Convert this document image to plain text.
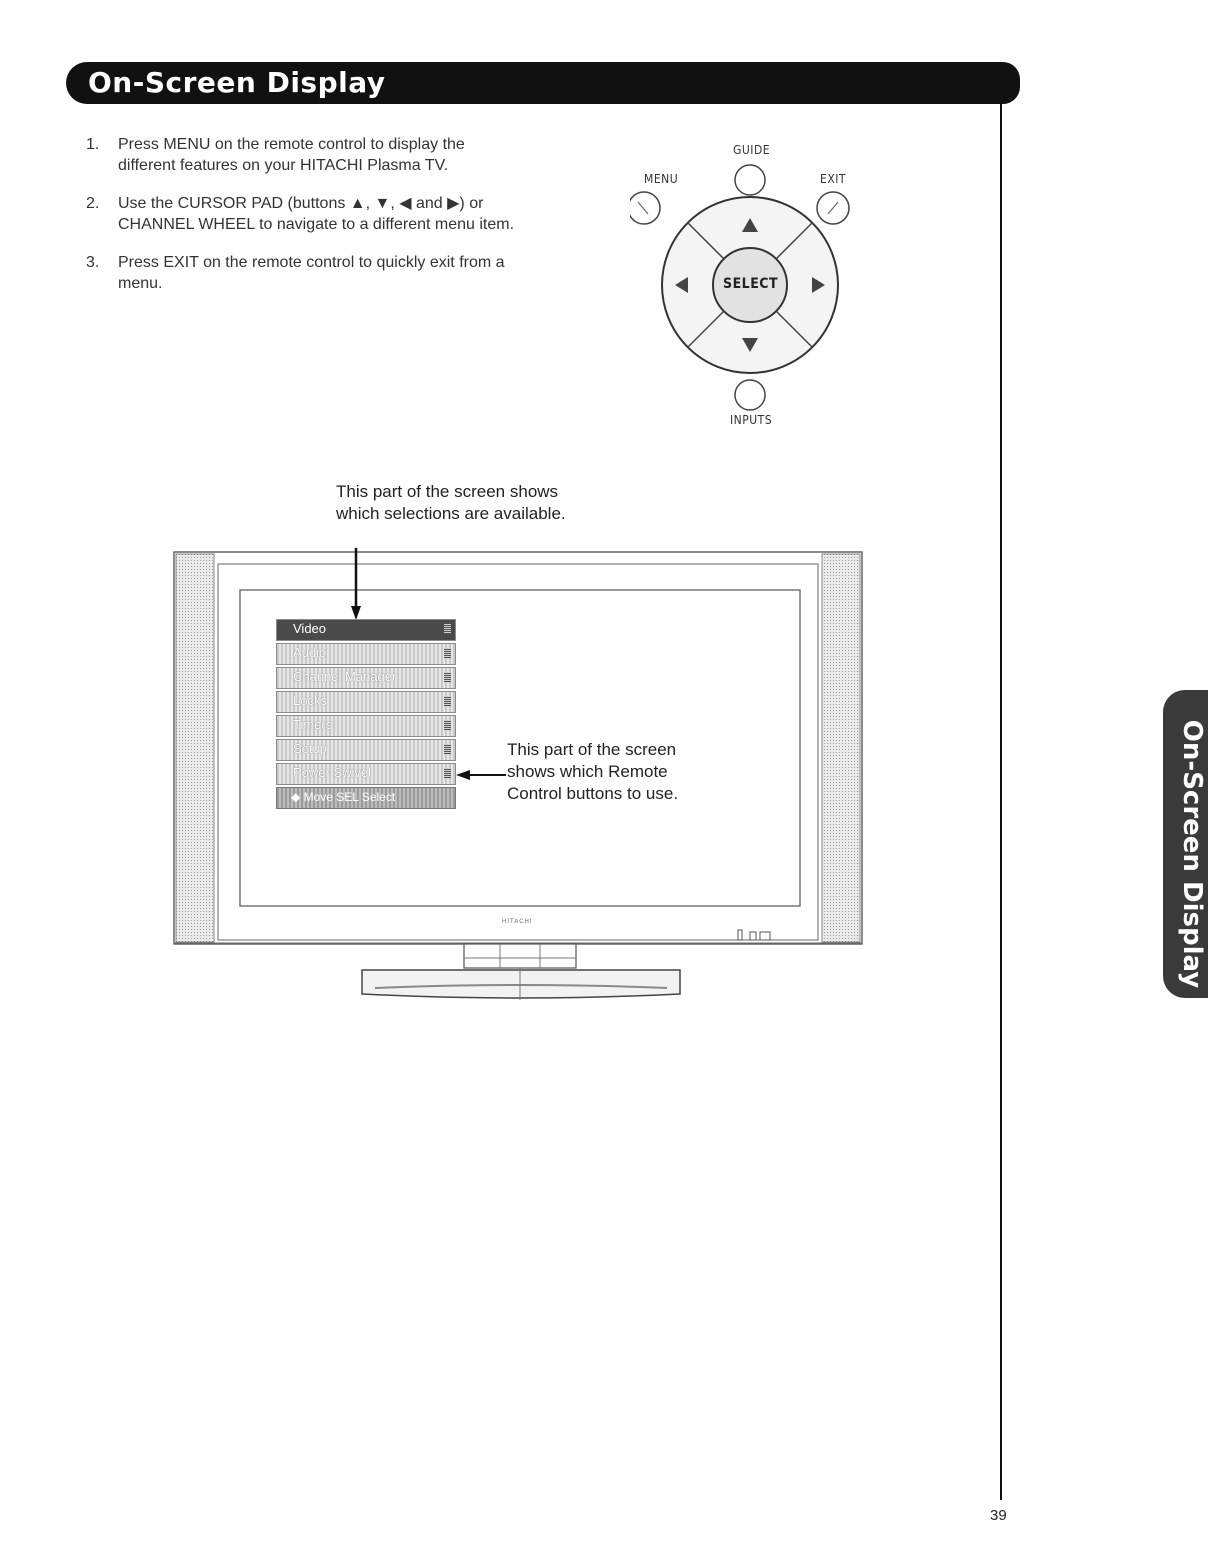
On-Screen Display
1. Press MENU on the remote control to display the different features on your HITACHI Plasma TV.
2. Use the CURSOR PAD (buttons ▲, ▼, ◀ and ▶) or CHANNEL WHEEL to navigate to a different menu item.
3. Press EXIT on the remote control to quickly exit from a menu.
GUIDE
MENU	EXIT
SELECT
INPUTS
This part of the screen shows
which selections are available.
HITACHI
Video
Audio
Channel Manager
Locks
Timers
Setup
Power Swivel
◆ Move SEL Select
This part of the screen
shows which Remote
Control buttons to use.	On-Screen Display
39
